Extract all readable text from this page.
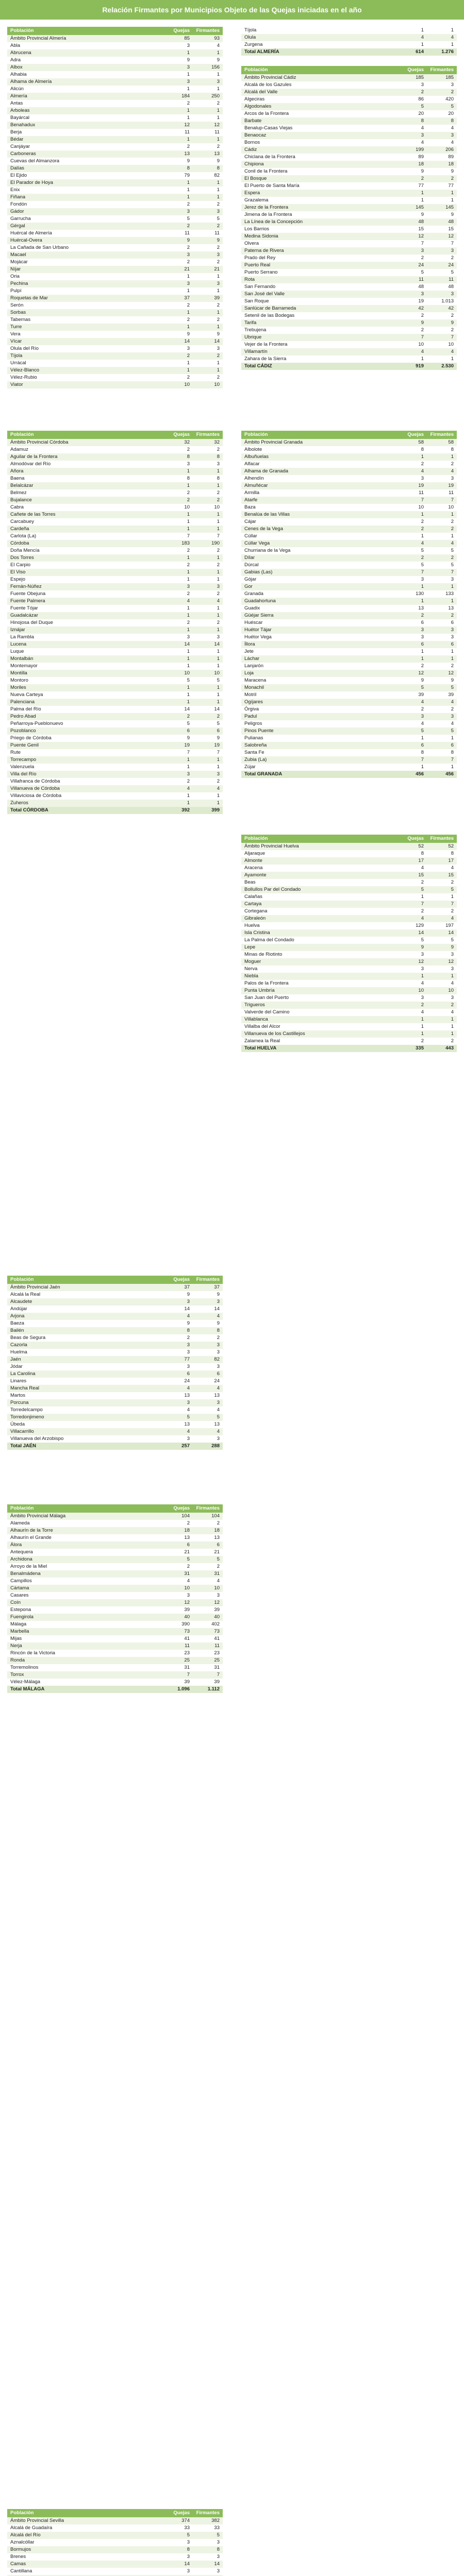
Relación Firmantes por Municipios Objeto de las Quejas iniciadas en el año
Población	Quejas	Firmantes
Ámbito Provincial Almería	85	93
Abla	3	4
Abrucena	1	1
Adra	9	9
Albox	3	156
Alhabia	1	1
Alhama de Almería	3	3
Alicún	1	1
Almería	184	250
Antas	2	2
Arboleas	1	1
Bayárcal	1	1
Benahadux	12	12
Berja	11	11
Bédar	1	1
Canjáyar	2	2
Carboneras	13	13
Cuevas del Almanzora	9	9
Dalías	8	8
El Ejido	79	82
El Parador de Hoya	1	1
Enix	1	1
Fiñana	1	1
Fondón	2	2
Gádor	3	3
Garrucha	5	5
Gérgal	2	2
Huércal de Almería	11	11
Huércal-Overa	9	9
La Cañada de San Urbano	2	2
Macael	3	3
Mojácar	2	2
Níjar	21	21
Oria	1	1
Pechina	3	3
Pulpí	1	1
Roquetas de Mar	37	39
Serón	2	2
Sorbas	1	1
Tabernas	2	2
Turre	1	1
Vera	9	9
Vícar	14	14
Olula del Río	3	3
Tíjola	2	2
Urrácal	1	1
Vélez-Blanco	1	1
Vélez-Rubio	2	2
Viator	10	10
Tíjola	1	1
Olula	4	4
Zurgena	1	1
Total ALMERÍA	614	1.276
Población	Quejas	Firmantes
Ámbito Provincial Cádiz	185	185
Alcalá de los Gazules	3	3
Alcalá del Valle	2	2
Algeciras	86	420
Algodonales	5	5
Arcos de la Frontera	20	20
Barbate	8	8
Benalup-Casas Viejas	4	4
Benaocaz	3	3
Bornos	4	4
Cádiz	199	206
Chiclana de la Frontera	89	89
Chipiona	18	18
Conil de la Frontera	9	9
El Bosque	2	2
El Puerto de Santa María	77	77
Espera	1	1
Grazalema	1	1
Jerez de la Frontera	145	145
Jimena de la Frontera	9	9
La Línea de la Concepción	48	48
Los Barrios	15	15
Medina Sidonia	12	12
Olvera	7	7
Paterna de Rivera	3	3
Prado del Rey	2	2
Puerto Real	24	24
Puerto Serrano	5	5
Rota	11	11
San Fernando	48	48
San José del Valle	3	3
San Roque	19	1.013
Sanlúcar de Barrameda	42	42
Setenil de las Bodegas	2	2
Tarifa	9	9
Trebujena	2	2
Ubrique	7	7
Vejer de la Frontera	10	10
Villamartín	4	4
Zahara de la Sierra	1	1
Total CÁDIZ	919	2.530
Población	Quejas	Firmantes
Ámbito Provincial Córdoba	32	32
Adamuz	2	2
Aguilar de la Frontera	8	8
Almodóvar del Río	3	3
Añora	1	1
Baena	8	8
Belalcázar	1	1
Belmez	2	2
Bujalance	2	2
Cabra	10	10
Cañete de las Torres	1	1
Carcabuey	1	1
Cardeña	1	1
Carlota (La)	7	7
Córdoba	183	190
Doña Mencía	2	2
Dos Torres	1	1
El Carpio	2	2
El Viso	1	1
Espejo	1	1
Fernán-Núñez	3	3
Fuente Obejuna	2	2
Fuente Palmera	4	4
Fuente Tójar	1	1
Guadalcázar	1	1
Hinojosa del Duque	2	2
Iznájar	1	1
La Rambla	3	3
Lucena	14	14
Luque	1	1
Montalbán	1	1
Montemayor	1	1
Montilla	10	10
Montoro	5	5
Moriles	1	1
Nueva Carteya	1	1
Palenciana	1	1
Palma del Río	14	14
Pedro Abad	2	2
Peñarroya-Pueblonuevo	5	5
Pozoblanco	6	6
Priego de Córdoba	9	9
Puente Genil	19	19
Rute	7	7
Torrecampo	1	1
Valenzuela	1	1
Villa del Río	3	3
Villafranca de Córdoba	2	2
Villanueva de Córdoba	4	4
Villaviciosa de Córdoba	1	1
Zuheros	1	1
Total CÓRDOBA	392	399
Población	Quejas	Firmantes
Ámbito Provincial Granada	58	58
Albolote	8	8
Albuñuelas	1	1
Alfacar	2	2
Alhama de Granada	4	4
Alhendín	3	3
Almuñécar	19	19
Armilla	11	11
Atarfe	7	7
Baza	10	10
Benalúa de las Villas	1	1
Cájar	2	2
Cenes de la Vega	2	2
Cúllar	1	1
Cúllar Vega	4	4
Churriana de la Vega	5	5
Dílar	2	2
Dúrcal	5	5
Gabias (Las)	7	7
Gójar	3	3
Gor	1	1
Granada	130	133
Guadahortuna	1	1
Guadix	13	13
Güéjar Sierra	2	2
Huéscar	6	6
Huétor Tájar	3	3
Huétor Vega	3	3
Íllora	6	6
Jete	1	1
Láchar	1	1
Lanjarón	2	2
Loja	12	12
Maracena	9	9
Monachil	5	5
Motril	39	39
Ogíjares	4	4
Órgiva	2	2
Padul	3	3
Peligros	4	4
Pinos Puente	5	5
Pulianas	1	1
Salobreña	6	6
Santa Fe	8	8
Zubia (La)	7	7
Zújar	1	1
Total GRANADA	456	456
Población	Quejas	Firmantes
Ámbito Provincial Huelva	52	52
Aljaraque	8	8
Almonte	17	17
Aracena	4	4
Ayamonte	15	15
Beas	2	2
Bollullos Par del Condado	5	5
Calañas	1	1
Cartaya	7	7
Cortegana	2	2
Gibraleón	4	4
Huelva	129	197
Isla Cristina	14	14
La Palma del Condado	5	5
Lepe	9	9
Minas de Riotinto	3	3
Moguer	12	12
Nerva	3	3
Niebla	1	1
Palos de la Frontera	4	4
Punta Umbría	10	10
San Juan del Puerto	3	3
Trigueros	2	2
Valverde del Camino	4	4
Villablanca	1	1
Villalba del Alcor	1	1
Villanueva de los Castillejos	1	1
Zalamea la Real	2	2
Total HUELVA	335	443
Población	Quejas	Firmantes
Ámbito Provincial Jaén	37	37
Alcalá la Real	9	9
Alcaudete	3	3
Andújar	14	14
Arjona	4	4
Baeza	9	9
Bailén	8	8
Beas de Segura	2	2
Cazorla	3	3
Huelma	3	3
Jaén	77	82
Jódar	3	3
La Carolina	6	6
Linares	24	24
Mancha Real	4	4
Martos	13	13
Porcuna	3	3
Torredelcampo	4	4
Torredonjimeno	5	5
Úbeda	13	13
Villacarrillo	4	4
Villanueva del Arzobispo	3	3
Total JAÉN	257	288
Población	Quejas	Firmantes
Ámbito Provincial Málaga	104	104
Alameda	2	2
Alhaurín de la Torre	18	18
Alhaurín el Grande	13	13
Álora	6	6
Antequera	21	21
Archidona	5	5
Arroyo de la Miel	2	2
Benalmádena	31	31
Campillos	4	4
Cártama	10	10
Casares	3	3
Coín	12	12
Estepona	39	39
Fuengirola	40	40
Málaga	390	402
Marbella	73	73
Mijas	41	41
Nerja	11	11
Rincón de la Victoria	23	23
Ronda	25	25
Torremolinos	31	31
Torrox	7	7
Vélez-Málaga	39	39
Total MÁLAGA	1.096	1.112
Población	Quejas	Firmantes
Ámbito Provincial Sevilla	374	382
Alcalá de Guadaíra	33	33
Alcalá del Río	5	5
Aznalcóllar	3	3
Bormujos	8	8
Brenes	3	3
Camas	14	14
Cantillana	3	3
